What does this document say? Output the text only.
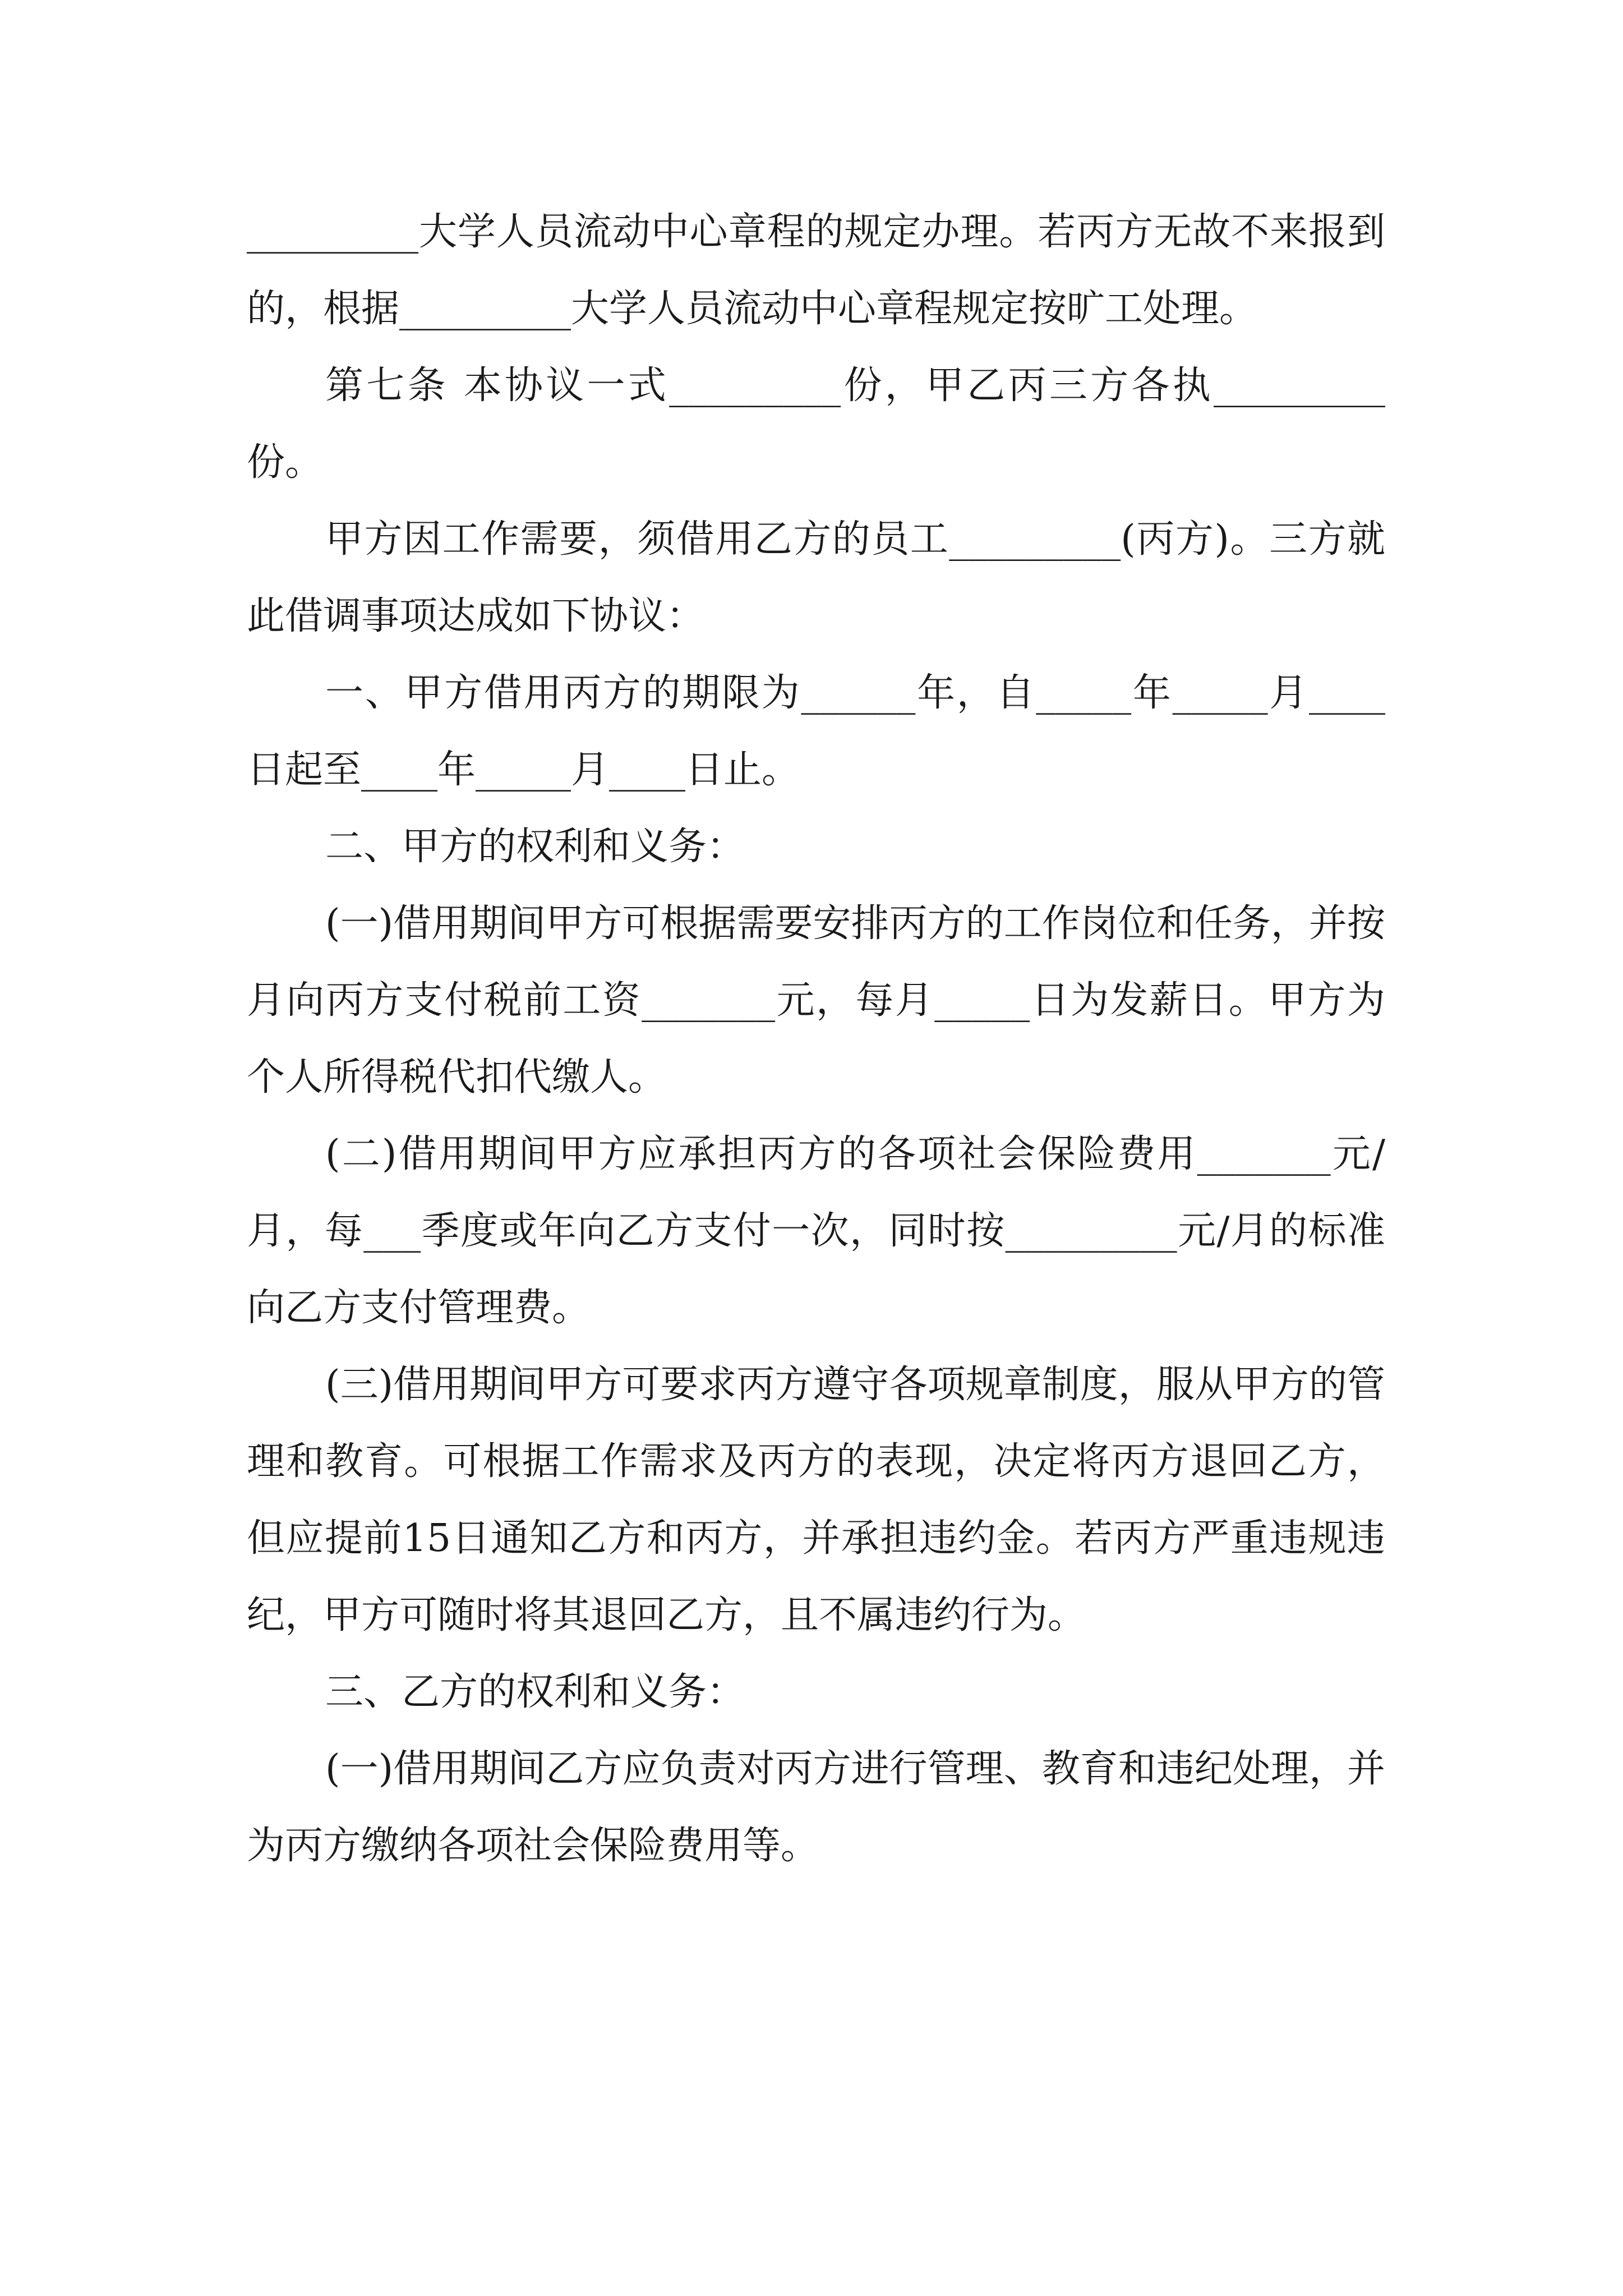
_________大学人员流动中心章程的规定办理。若丙方无故不来报到的，根据_________大学人员流动中心章程规定按旷工处理。

第七条 本协议一式_________份，甲乙丙三方各执_________份。

甲方因工作需要，须借用乙方的员工_________(丙方)。三方就此借调事项达成如下协议：

一、甲方借用丙方的期限为______年，自_____年_____月____日起至____年_____月____日止。

二、甲方的权利和义务：

(一)借用期间甲方可根据需要安排丙方的工作岗位和任务，并按月向丙方支付税前工资_______元，每月_____日为发薪日。甲方为个人所得税代扣代缴人。

(二)借用期间甲方应承担丙方的各项社会保险费用_______元/月，每___季度或年向乙方支付一次，同时按_________元/月的标准向乙方支付管理费。

(三)借用期间甲方可要求丙方遵守各项规章制度，服从甲方的管理和教育。可根据工作需求及丙方的表现，决定将丙方退回乙方，但应提前15日通知乙方和丙方，并承担违约金。若丙方严重违规违纪，甲方可随时将其退回乙方，且不属违约行为。

三、乙方的权利和义务：

(一)借用期间乙方应负责对丙方进行管理、教育和违纪处理，并为丙方缴纳各项社会保险费用等。
